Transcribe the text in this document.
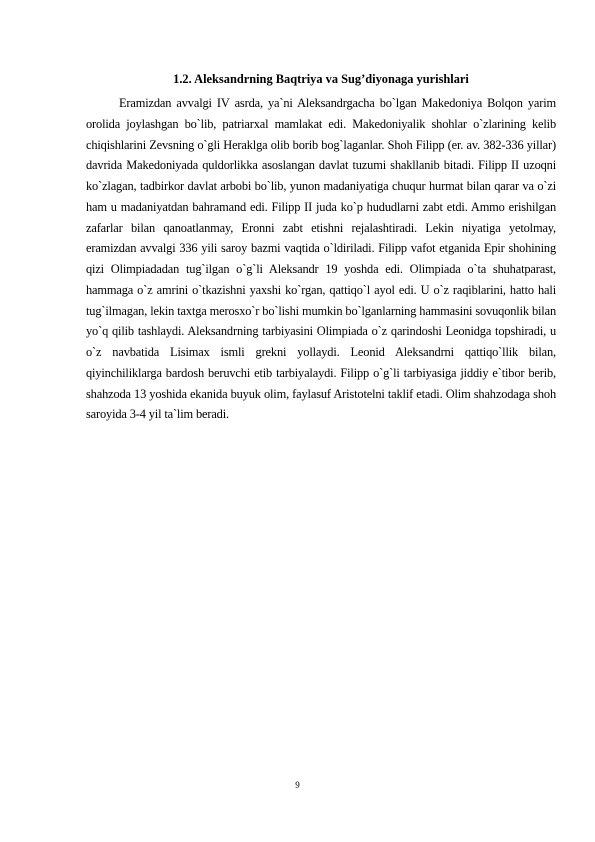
1.2. Aleksandrning Baqtriya va Sug’diyonaga yurishlari

Eramizdan avvalgi IV asrda, ya`ni Aleksandrgacha bo`lgan Makedoniya Bolqon yarim orolida joylashgan bo`lib, patriarxal mamlakat edi. Makedoniyalik shohlar o`zlarining kelib chiqishlarini Zevsning o`gli Heraklga olib borib bog`laganlar. Shoh Filipp (er. av. 382-336 yillar) davrida Makedoniyada quldorlikka asoslangan davlat tuzumi shakllanib bitadi. Filipp II uzoqni ko`zlagan, tadbirkor davlat arbobi bo`lib, yunon madaniyatiga chuqur hurmat bilan qarar va o`zi ham u madaniyatdan bahramand edi. Filipp II juda ko`p hududlarni zabt etdi. Ammo erishilgan zafarlar bilan qanoatlanmay, Eronni zabt etishni rejalashtiradi. Lekin niyatiga yetolmay, eramizdan avvalgi 336 yili saroy bazmi vaqtida o`ldiriladi. Filipp vafot etganida Epir shohining qizi Olimpiadadan tug`ilgan o`g`li Aleksandr 19 yoshda edi. Olimpiada o`ta shuhatparast, hammaga o`z amrini o`tkazishni yaxshi ko`rgan, qattiqo`l ayol edi. U o`z raqiblarini, hatto hali tug`ilmagan, lekin taxtga merosxo`r bo`lishi mumkin bo`lganlarning hammasini sovuqonlik bilan yo`q qilib tashlaydi. Aleksandrning tarbiyasini Olimpiada o`z qarindoshi Leonidga topshiradi, u o`z navbatida Lisimax ismli grekni yollaydi. Leonid Aleksandrni qattiqo`llik bilan, qiyinchiliklarga bardosh beruvchi etib tarbiyalaydi. Filipp o`g`li tarbiyasiga jiddiy e`tibor berib, shahzoda 13 yoshida ekanida buyuk olim, faylasuf Aristotelni taklif etadi. Olim shahzodaga shoh saroyida 3-4 yil ta`lim beradi.

9
